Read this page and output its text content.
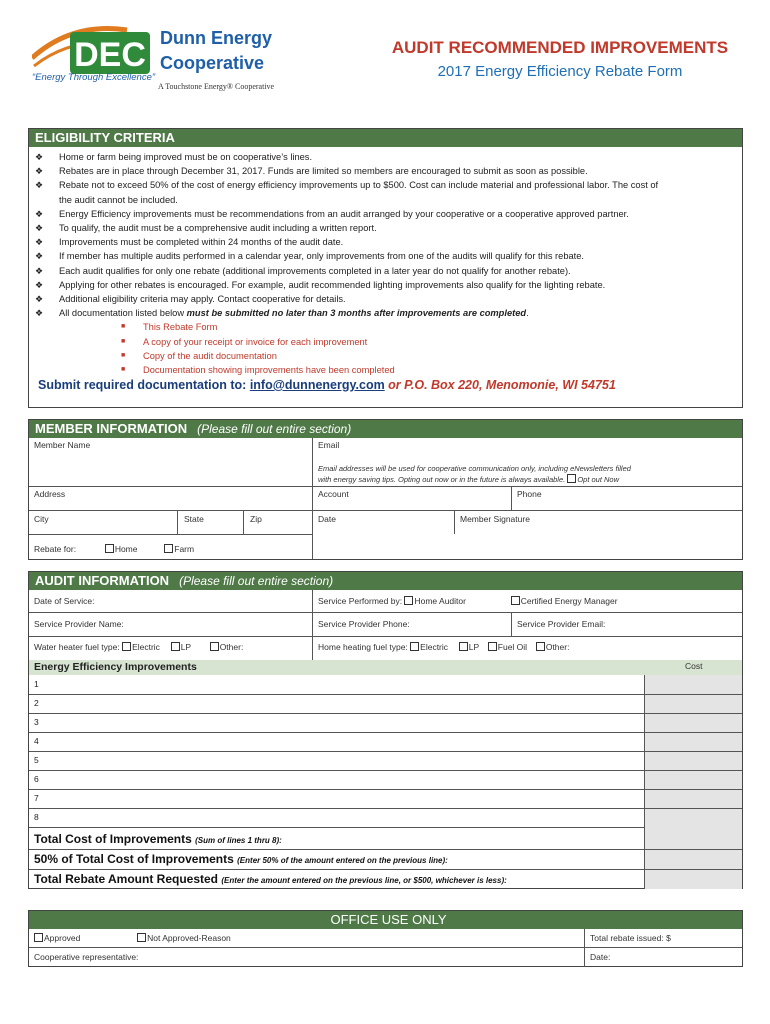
DEC Dunn Energy
Cooperative
“Energy Through Excellence”
A Touchstone Energy® Cooperative
AUDIT RECOMMENDED IMPROVEMENTS
2017 Energy Efficiency Rebate Form
ELIGIBILITY CRITERIA
❖	Home or farm being improved must be on cooperative’s lines.
❖	Rebates are in place through December 31, 2017. Funds are limited so members are encouraged to submit as soon as possible.
❖	Rebate not to exceed 50% of the cost of energy efficiency improvements up to $500. Cost can include material and professional labor. The cost of
the audit cannot be included.
❖	Energy Efficiency improvements must be recommendations from an audit arranged by your cooperative or a cooperative approved partner.
❖	To qualify, the audit must be a comprehensive audit including a written report.
❖	Improvements must be completed within 24 months of the audit date.
❖	If member has multiple audits performed in a calendar year, only improvements from one of the audits will qualify for this rebate.
❖	Each audit qualifies for only one rebate (additional improvements completed in a later year do not qualify for another rebate).
❖	Applying for other rebates is encouraged. For example, audit recommended lighting improvements also qualify for the lighting rebate.
❖	Additional eligibility criteria may apply. Contact cooperative for details.
❖	All documentation listed below must be submitted no later than 3 months after improvements are completed.
■	This Rebate Form
■	A copy of your receipt or invoice for each improvement
■	Copy of the audit documentation
■	Documentation showing improvements have been completed
Submit required documentation to: info@dunnenergy.com or P.O. Box 220, Menomonie, WI 54751
MEMBER INFORMATION (Please fill out entire section)
Member Name	Email
Email addresses will be used for cooperative communication only, including eNewsletters filled
with energy saving tips. Opting out now or in the future is always available. Opt out Now
Address	Account	Phone
City	State	Zip	Date	Member Signature
Rebate for:	Home	Farm
AUDIT INFORMATION (Please fill out entire section)
Date of Service:	Service Performed by: Home Auditor	Certified Energy Manager
Service Provider Name:	Service Provider Phone:	Service Provider Email:
Water heater fuel type: Electric LP	Other:	Home heating fuel type: Electric LP Fuel Oil Other:
Energy Efficiency Improvements	Cost
1
2
3
4
5
6
7
8
Total Cost of Improvements (Sum of lines 1 thru 8):
50% of Total Cost of Improvements (Enter 50% of the amount entered on the previous line):
Total Rebate Amount Requested (Enter the amount entered on the previous line, or $500, whichever is less):
OFFICE USE ONLY
Approved	Not Approved-Reason	Total rebate issued: $
Cooperative representative:	Date:
